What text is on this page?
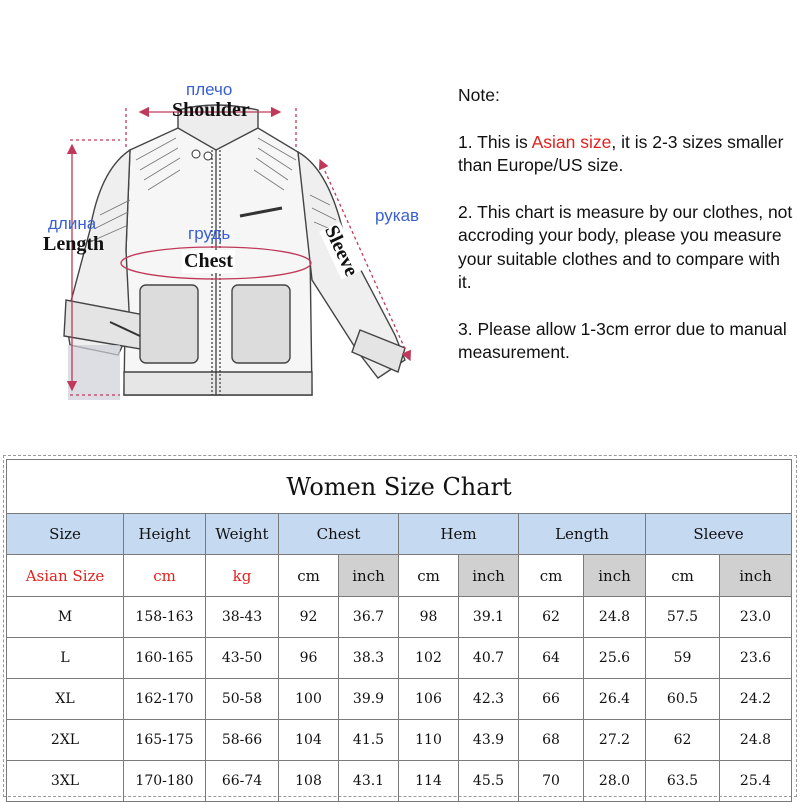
плечо
Shoulder
длина
Length	грудь
Chest
рукав
Sleeve

Note:

1. This is Asian size, it is 2-3 sizes smaller than Europe/US size.

2. This chart is measure by our clothes, not accroding your body, please you measure your suitable clothes and to compare with it.

3. Please allow 1-3cm error due to manual measurement.

Women Size Chart										
Size	Height	Weight	Chest		Hem		Length		Sleeve	
Asian Size	cm	kg	cm	inch	cm	inch	cm	inch	cm	inch
M	158-163	38-43	92	36.7	98	39.1	62	24.8	57.5	23.0
L	160-165	43-50	96	38.3	102	40.7	64	25.6	59	23.6
XL	162-170	50-58	100	39.9	106	42.3	66	26.4	60.5	24.2
2XL	165-175	58-66	104	41.5	110	43.9	68	27.2	62	24.8
3XL	170-180	66-74	108	43.1	114	45.5	70	28.0	63.5	25.4
